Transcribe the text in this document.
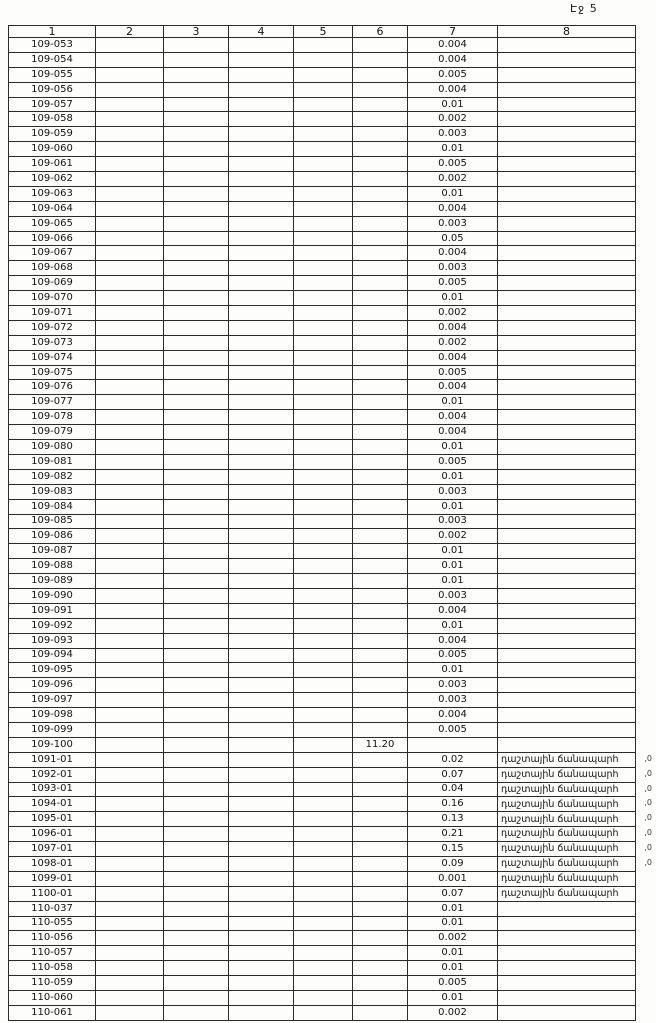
Էջ 5
1	2	3	4	5	6	7	8
109-053						0.004	
109-054						0.004	
109-055						0.005	
109-056						0.004	
109-057						0.01	
109-058						0.002	
109-059						0.003	
109-060						0.01	
109-061						0.005	
109-062						0.002	
109-063						0.01	
109-064						0.004	
109-065						0.003	
109-066						0.05	
109-067						0.004	
109-068						0.003	
109-069						0.005	
109-070						0.01	
109-071						0.002	
109-072						0.004	
109-073						0.002	
109-074						0.004	
109-075						0.005	
109-076						0.004	
109-077						0.01	
109-078						0.004	
109-079						0.004	
109-080						0.01	
109-081						0.005	
109-082						0.01	
109-083						0.003	
109-084						0.01	
109-085						0.003	
109-086						0.002	
109-087						0.01	
109-088						0.01	
109-089						0.01	
109-090						0.003	
109-091						0.004	
109-092						0.01	
109-093						0.004	
109-094						0.005	
109-095						0.01	
109-096						0.003	
109-097						0.003	
109-098						0.004	
109-099						0.005	
109-100					11.20		
1091-01						0.02	դաշտային ճանապարհ ,0

1092-01						0.07	դաշտային ճանապարհ ,0

1093-01						0.04	դաշտային ճանապարհ ,0

1094-01						0.16	դաշտային ճանապարհ ,0

1095-01						0.13	դաշտային ճանապարհ ,0

1096-01						0.21	դաշտային ճանապարհ ,0

1097-01						0.15	դաշտային ճանապարհ ,0

1098-01						0.09	դաշտային ճանապարհ ,0

1099-01						0.001	դաշտային ճանապարհ
1100-01						0.07	դաշտային ճանապարհ
110-037						0.01	
110-055						0.01	
110-056						0.002	
110-057						0.01	
110-058						0.01	
110-059						0.005	
110-060						0.01	
110-061						0.002	
